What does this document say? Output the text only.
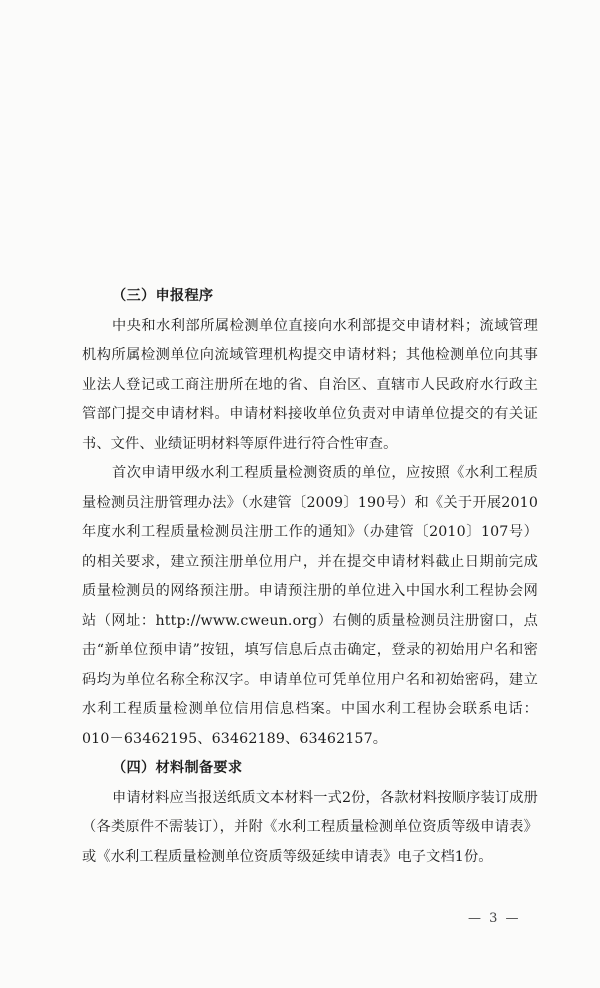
（三）申报程序

中央和水利部所属检测单位直接向水利部提交申请材料；流域管理机构所属检测单位向流域管理机构提交申请材料；其他检测单位向其事业法人登记或工商注册所在地的省、自治区、直辖市人民政府水行政主管部门提交申请材料。申请材料接收单位负责对申请单位提交的有关证书、文件、业绩证明材料等原件进行符合性审查。

首次申请甲级水利工程质量检测资质的单位，应按照《水利工程质量检测员注册管理办法》（水建管〔2009〕190号）和《关于开展2010年度水利工程质量检测员注册工作的通知》（办建管〔2010〕107号）的相关要求，建立预注册单位用户，并在提交申请材料截止日期前完成质量检测员的网络预注册。申请预注册的单位进入中国水利工程协会网站（网址：http://www.cweun.org）右侧的质量检测员注册窗口，点击“新单位预申请”按钮，填写信息后点击确定，登录的初始用户名和密码均为单位名称全称汉字。申请单位可凭单位用户名和初始密码，建立水利工程质量检测单位信用信息档案。中国水利工程协会联系电话：010－63462195、63462189、63462157。

（四）材料制备要求

申请材料应当报送纸质文本材料一式2份，各款材料按顺序装订成册（各类原件不需装订），并附《水利工程质量检测单位资质等级申请表》或《水利工程质量检测单位资质等级延续申请表》电子文档1份。

— 3 —
